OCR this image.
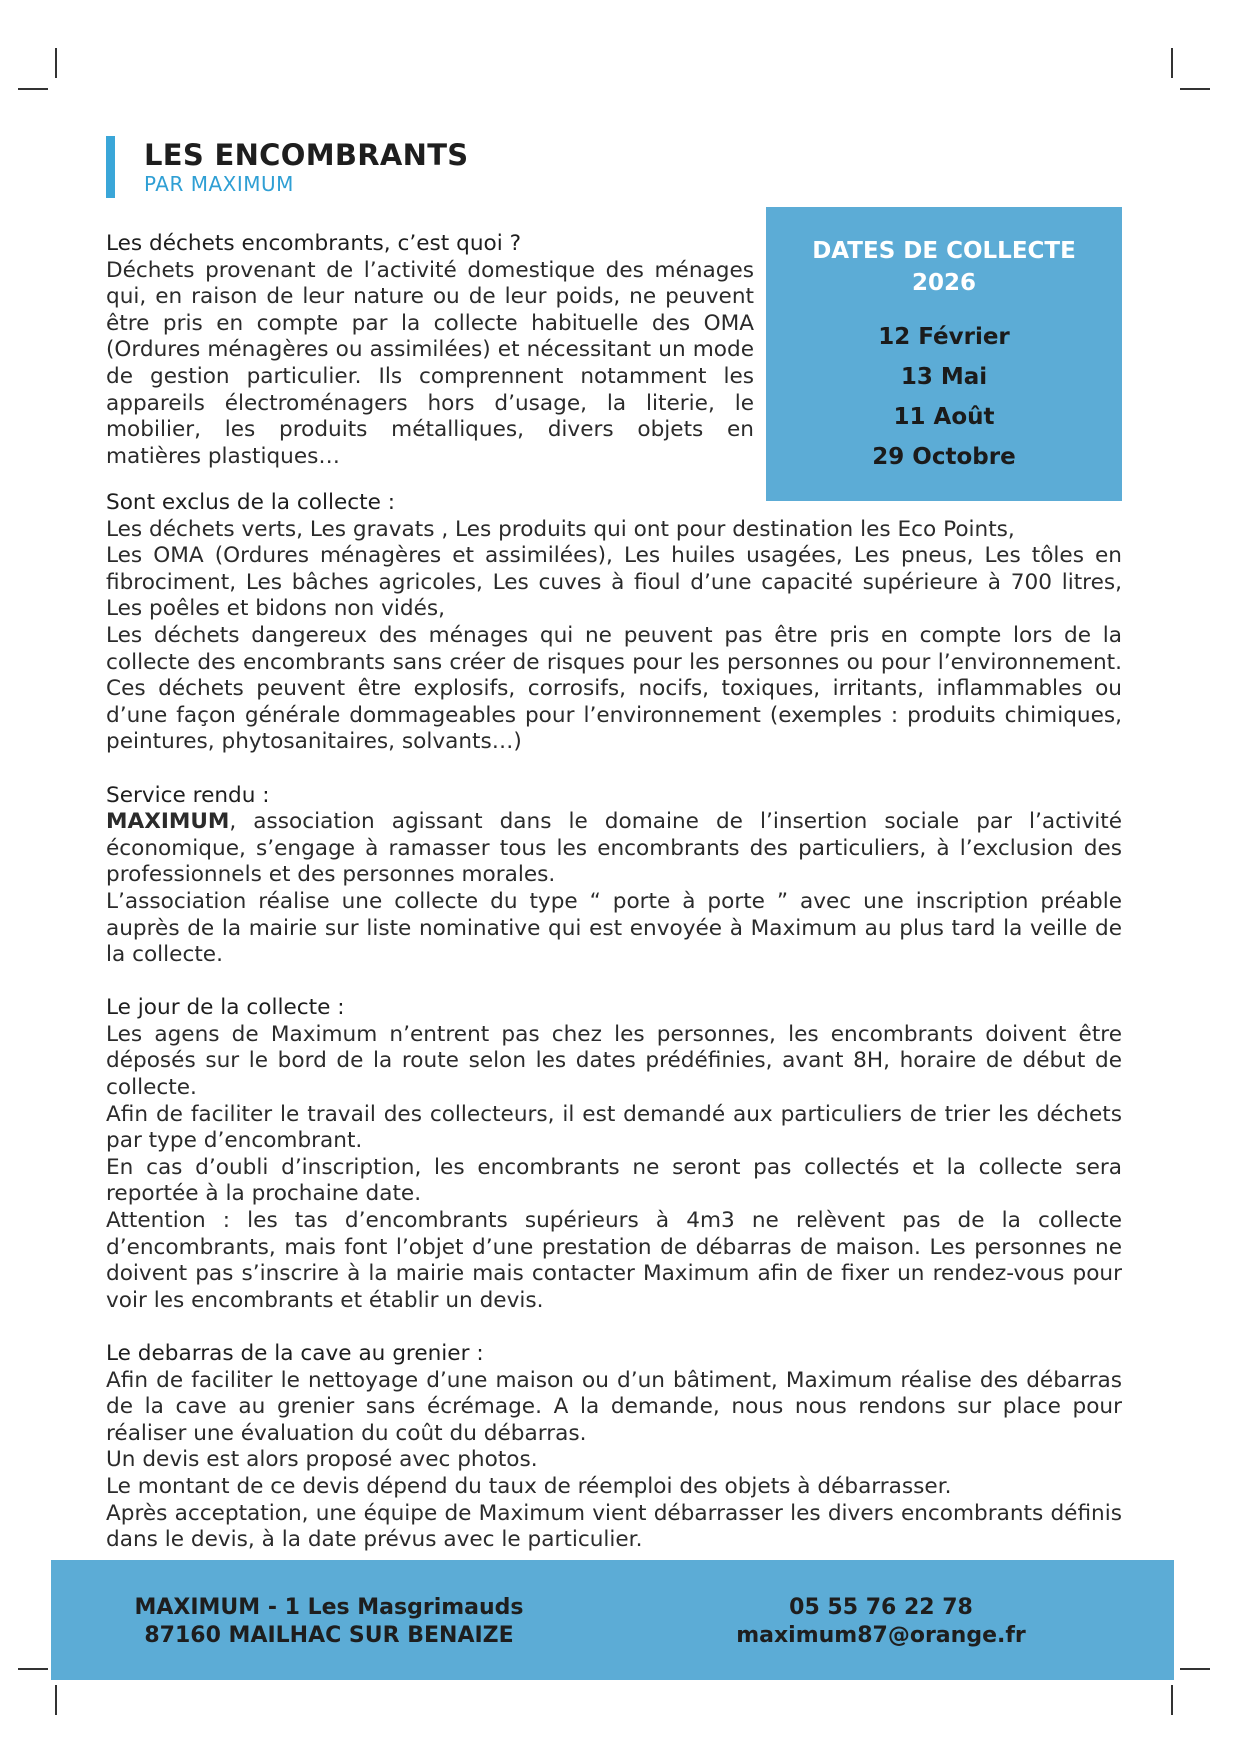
LES ENCOMBRANTS
PAR MAXIMUM
DATES DE COLLECTE
2026
12 Février
13 Mai
11 Août
29 Octobre

Les déchets encombrants, c’est quoi ?

Déchets provenant de l’activité domestique des ménages qui, en raison de leur nature ou de leur poids, ne peuvent être pris en compte par la collecte habituelle des OMA (Ordures ménagères ou assimilées) et nécessitant un mode de gestion particulier. Ils comprennent notamment les appareils électroménagers hors d’usage, la literie, le mobilier, les produits métalliques, divers objets en matières plastiques…

Sont exclus de la collecte :

Les déchets verts, Les gravats , Les produits qui ont pour destination les Eco Points,

Les OMA (Ordures ménagères et assimilées), Les huiles usagées, Les pneus, Les tôles en fibrociment, Les bâches agricoles, Les cuves à fioul d’une capacité supérieure à 700 litres, Les poêles et bidons non vidés,

Les déchets dangereux des ménages qui ne peuvent pas être pris en compte lors de la collecte des encombrants sans créer de risques pour les personnes ou pour l’environnement. Ces déchets peuvent être explosifs, corrosifs, nocifs, toxiques, irritants, inflammables ou d’une façon générale dommageables pour l’environnement (exemples : produits chimiques, peintures, phytosanitaires, solvants…)

Service rendu :

MAXIMUM, association agissant dans le domaine de l’insertion sociale par l’activité économique, s’engage à ramasser tous les encombrants des particuliers, à l’exclusion des professionnels et des personnes morales.

L’association réalise une collecte du type “ porte à porte ” avec une inscription préable auprès de la mairie sur liste nominative qui est envoyée à Maximum au plus tard la veille de la collecte.

Le jour de la collecte :

Les agens de Maximum n’entrent pas chez les personnes, les encombrants doivent être déposés sur le bord de la route selon les dates prédéfinies, avant 8H, horaire de début de collecte.

Afin de faciliter le travail des collecteurs, il est demandé aux particuliers de trier les déchets par type d’encombrant.

En cas d’oubli d’inscription, les encombrants ne seront pas collectés et la collecte sera reportée à la prochaine date.

Attention : les tas d’encombrants supérieurs à 4m3 ne relèvent pas de la collecte d’encombrants, mais font l’objet d’une prestation de débarras de maison. Les personnes ne doivent pas s’inscrire à la mairie mais contacter Maximum afin de fixer un rendez-vous pour voir les encombrants et établir un devis.

Le debarras de la cave au grenier :

Afin de faciliter le nettoyage d’une maison ou d’un bâtiment, Maximum réalise des débarras de la cave au grenier sans écrémage. A la demande, nous nous rendons sur place pour réaliser une évaluation du coût du débarras.

Un devis est alors proposé avec photos.

Le montant de ce devis dépend du taux de réemploi des objets à débarrasser.

Après acceptation, une équipe de Maximum vient débarrasser les divers encombrants définis dans le devis, à la date prévus avec le particulier.

MAXIMUM - 1 Les Masgrimauds
87160 MAILHAC SUR BENAIZE
05 55 76 22 78
maximum87@orange.fr
